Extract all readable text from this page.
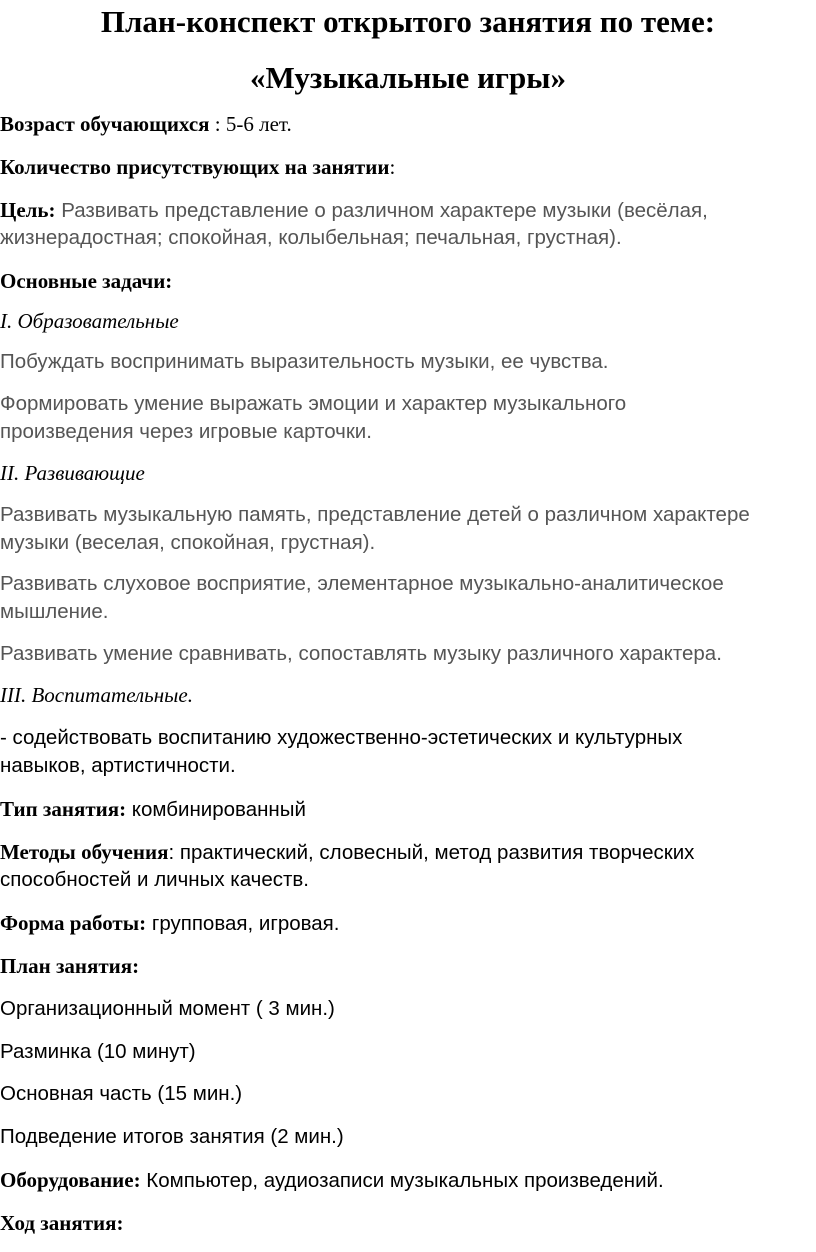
План-конспект открытого занятия по теме:
«Музыкальные игры»
Возраст обучающихся : 5-6 лет.
Количество присутствующих на занятии:
Цель: Развивать представление о различном характере музыки (весёлая,
жизнерадостная; спокойная, колыбельная; печальная, грустная).
Основные задачи:
I. Образовательные
Побуждать воспринимать выразительность музыки, ее чувства.
Формировать умение выражать эмоции и характер музыкального
произведения через игровые карточки.
II. Развивающие
Развивать музыкальную память, представление детей о различном характере
музыки (веселая, спокойная, грустная).
Развивать слуховое восприятие, элементарное музыкально-аналитическое
мышление.
Развивать умение сравнивать, сопоставлять музыку различного характера.
III. Воспитательные.
- содействовать воспитанию художественно-эстетических и культурных
навыков, артистичности.
Тип занятия: комбинированный
Методы обучения: практический, словесный, метод развития творческих
способностей и личных качеств.
Форма работы: групповая, игровая.
План занятия:
Организационный момент ( 3 мин.)
Разминка (10 минут)
Основная часть (15 мин.)
Подведение итогов занятия (2 мин.)
Оборудование: Компьютер, аудиозаписи музыкальных произведений.
Ход занятия:
